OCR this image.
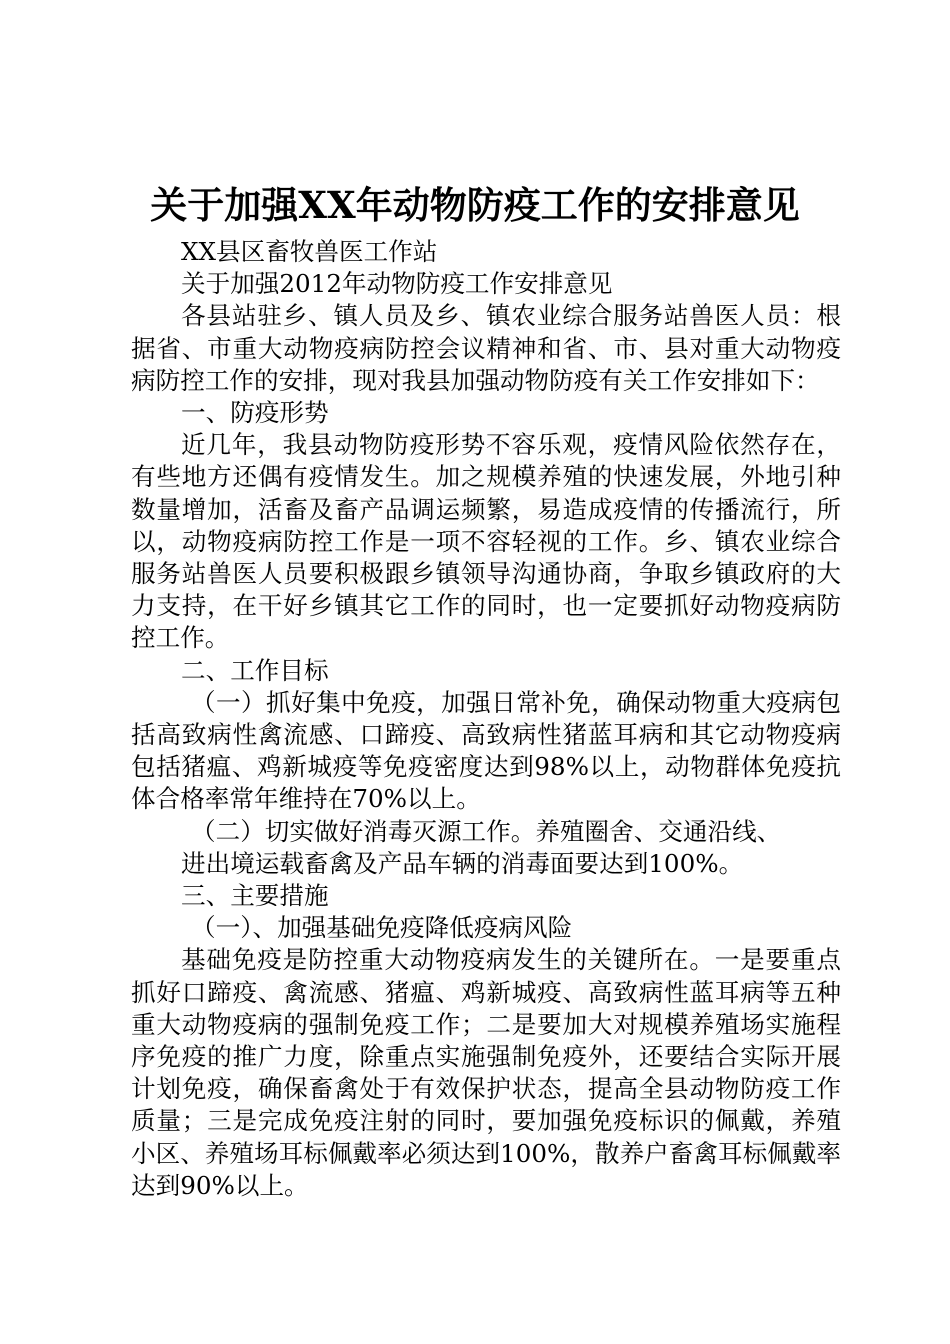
关于加强XX年动物防疫工作的安排意见

XX县区畜牧兽医工作站

关于加强2012年动物防疫工作安排意见

各县站驻乡、镇人员及乡、镇农业综合服务站兽医人员：根据省、市重大动物疫病防控会议精神和省、市、县对重大动物疫病防控工作的安排，现对我县加强动物防疫有关工作安排如下：

一、防疫形势

近几年，我县动物防疫形势不容乐观，疫情风险依然存在，有些地方还偶有疫情发生。加之规模养殖的快速发展，外地引种数量增加，活畜及畜产品调运频繁，易造成疫情的传播流行，所以，动物疫病防控工作是一项不容轻视的工作。乡、镇农业综合服务站兽医人员要积极跟乡镇领导沟通协商，争取乡镇政府的大力支持，在干好乡镇其它工作的同时，也一定要抓好动物疫病防控工作。

二、工作目标

（一）抓好集中免疫，加强日常补免，确保动物重大疫病包括高致病性禽流感、口蹄疫、高致病性猪蓝耳病和其它动物疫病包括猪瘟、鸡新城疫等免疫密度达到98%以上，动物群体免疫抗体合格率常年维持在70%以上。

（二）切实做好消毒灭源工作。养殖圈舍、交通沿线、

进出境运载畜禽及产品车辆的消毒面要达到100%。

三、主要措施

（一）、加强基础免疫降低疫病风险

基础免疫是防控重大动物疫病发生的关键所在。一是要重点抓好口蹄疫、禽流感、猪瘟、鸡新城疫、高致病性蓝耳病等五种重大动物疫病的强制免疫工作；二是要加大对规模养殖场实施程序免疫的推广力度，除重点实施强制免疫外，还要结合实际开展计划免疫，确保畜禽处于有效保护状态，提高全县动物防疫工作质量；三是完成免疫注射的同时，要加强免疫标识的佩戴，养殖小区、养殖场耳标佩戴率必须达到100%，散养户畜禽耳标佩戴率达到90%以上。
